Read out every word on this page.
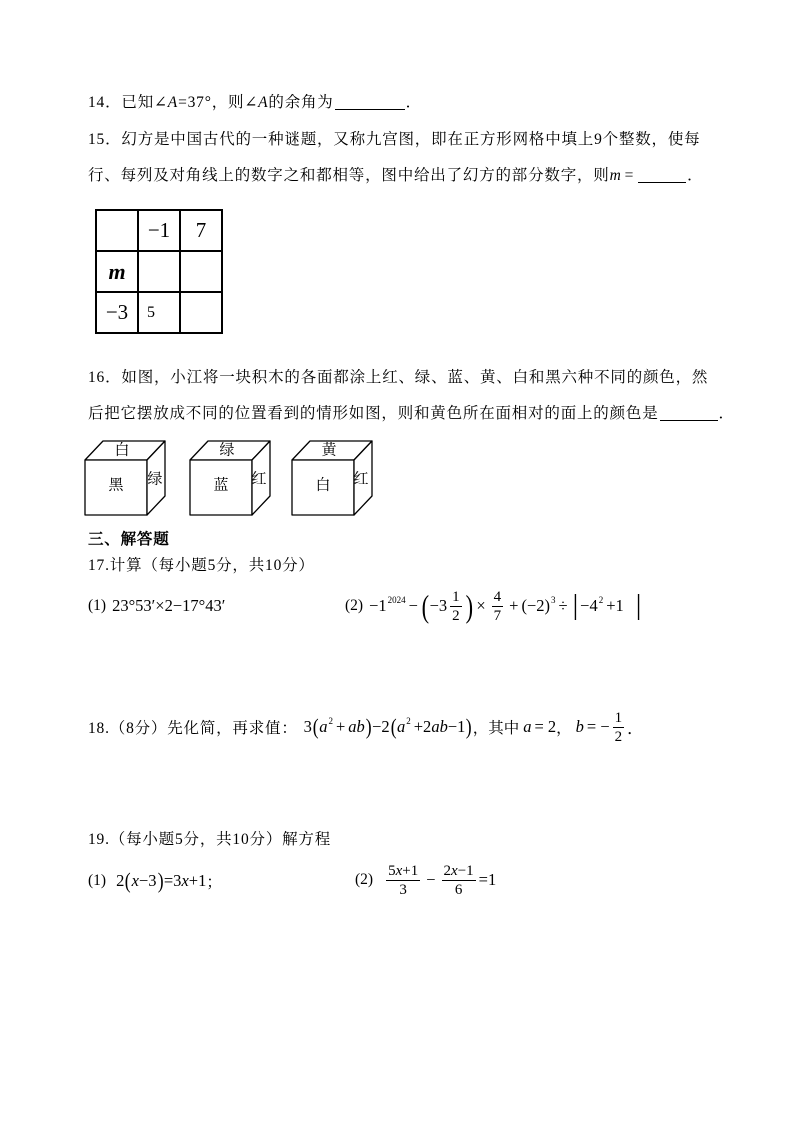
14．已知∠A=37°，则∠A的余角为	．
15．幻方是中国古代的一种谜题，又称九宫图，即在正方形网格中填上9个整数，使每
行、每列及对角线上的数字之和都相等，图中给出了幻方的部分数字，则m =	．
	−1	7
m		
−3	5	
16．如图，小江将一块积木的各面都涂上红、绿、蓝、黄、白和黑六种不同的颜色，然
后把它摆放成不同的位置看到的情形如图，则和黄色所在面相对的面上的颜色是	．
白
黑 绿
绿
蓝 红
黄
白 红
三、解答题
17.计算（每小题5分，共10分）
(1) 23°53′×2−17°43′	$(2) -1^{2024}$ − ( $-3 \frac{1}{2}$ ) × $\frac{4}{7} + (-2)^3$ ÷ | $-4^2 +1$ |
18.（8分）先化简，再求值： 3 ( $a^2$ + ab ) −2 ( $a^2 +2$ ab −1 ) ，其中 a = 2 ， b = − $\frac{1}{2}$ ．
19.（每小题5分，共10分）解方程
(1) 2 ( x −3 ) =3 x +1 ；	$(2) \frac{5x+1}{3} - \frac{2x-1}{6} =1$
